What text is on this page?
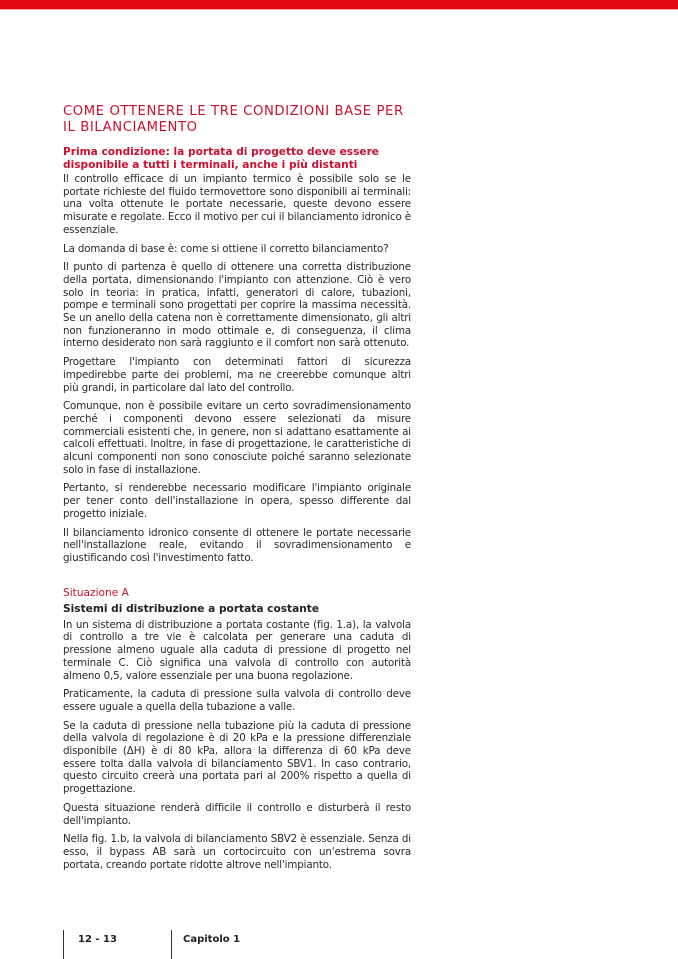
COME OTTENERE LE TRE CONDIZIONI BASE PER IL BILANCIAMENTO
Prima condizione: la portata di progetto deve essere disponibile a tutti i terminali, anche i più distanti

Il controllo efficace di un impianto termico è possibile solo se le portate richieste del fluido termovettore sono disponibili ai terminali: una volta ottenute le portate necessarie, queste devono essere misurate e regolate. Ecco il motivo per cui il bilanciamento idronico è essenziale.

La domanda di base è: come si ottiene il corretto bilanciamento?

Il punto di partenza è quello di ottenere una corretta distribuzione della portata, dimensionando l'impianto con attenzione. Ciò è vero solo in teoria: in pratica, infatti, generatori di calore, tubazioni, pompe e terminali sono progettati per coprire la massima necessità. Se un anello della catena non è correttamente dimensionato, gli altri non funzioneranno in modo ottimale e, di conseguenza, il clima interno desiderato non sarà raggiunto e il comfort non sarà ottenuto.

Progettare l'impianto con determinati fattori di sicurezza impedirebbe parte dei problemi, ma ne creerebbe comunque altri più grandi, in particolare dal lato del controllo.

Comunque, non è possibile evitare un certo sovradimensionamento perché i componenti devono essere selezionati da misure commerciali esistenti che, in genere, non si adattano esattamente ai calcoli effettuati. Inoltre, in fase di progettazione, le caratteristiche di alcuni componenti non sono conosciute poiché saranno selezionate solo in fase di installazione.

Pertanto, si renderebbe necessario modificare l'impianto originale per tener conto dell'installazione in opera, spesso differente dal progetto iniziale.

Il bilanciamento idronico consente di ottenere le portate necessarie nell'installazione reale, evitando il sovradimensionamento e giustificando così l'investimento fatto.

Situazione A
Sistemi di distribuzione a portata costante

In un sistema di distribuzione a portata costante (fig. 1.a), la valvola di controllo a tre vie è calcolata per generare una caduta di pressione almeno uguale alla caduta di pressione di progetto nel terminale C. Ciò significa una valvola di controllo con autorità almeno 0,5, valore essenziale per una buona regolazione.

Praticamente, la caduta di pressione sulla valvola di controllo deve essere uguale a quella della tubazione a valle.

Se la caduta di pressione nella tubazione più la caduta di pressione della valvola di regolazione è di 20 kPa e la pressione differenziale disponibile (ΔH) è di 80 kPa, allora la differenza di 60 kPa deve essere tolta dalla valvola di bilanciamento SBV1. In caso contrario, questo circuito creerà una portata pari al 200% rispetto a quella di progettazione.

Questa situazione renderà difficile il controllo e disturberà il resto dell'impianto.

Nella fig. 1.b, la valvola di bilanciamento SBV2 è essenziale. Senza di esso, il bypass AB sarà un cortocircuito con un'estrema sovra portata, creando portate ridotte altrove nell'impianto.

12 - 13	Capitolo 1
